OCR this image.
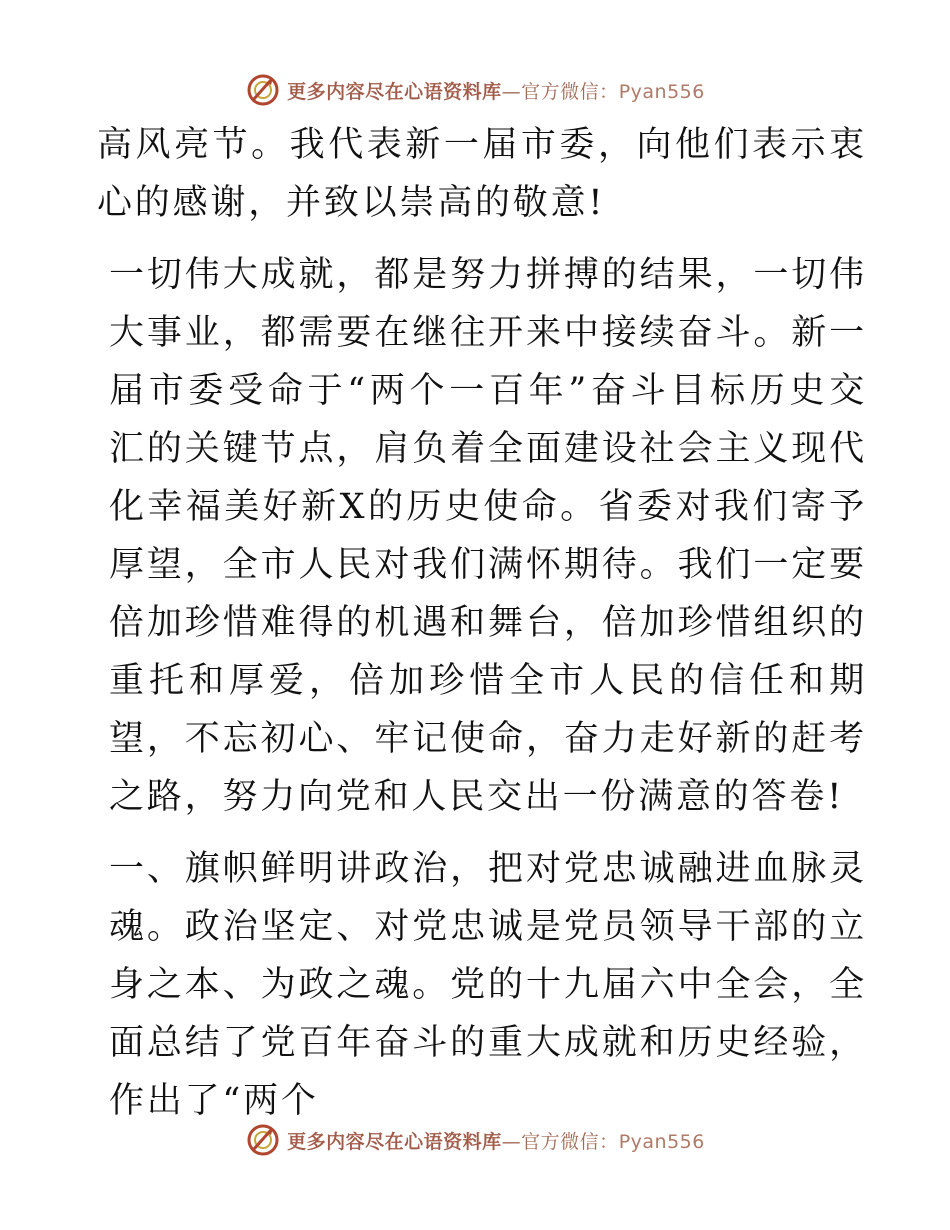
更多内容尽在心语资料库—官方微信：Pyan556

高风亮节。我代表新一届市委，向他们表示衷心的感谢，并致以崇高的敬意!

一切伟大成就，都是努力拼搏的结果，一切伟大事业，都需要在继往开来中接续奋斗。新一届市委受命于“两个一百年”奋斗目标历史交汇的关键节点，肩负着全面建设社会主义现代化幸福美好新X的历史使命。省委对我们寄予厚望，全市人民对我们满怀期待。我们一定要倍加珍惜难得的机遇和舞台，倍加珍惜组织的重托和厚爱，倍加珍惜全市人民的信任和期望，不忘初心、牢记使命，奋力走好新的赶考之路，努力向党和人民交出一份满意的答卷!

一、旗帜鲜明讲政治，把对党忠诚融进血脉灵魂。政治坚定、对党忠诚是党员领导干部的立身之本、为政之魂。党的十九届六中全会，全面总结了党百年奋斗的重大成就和历史经验，作出了“两个

更多内容尽在心语资料库—官方微信：Pyan556
